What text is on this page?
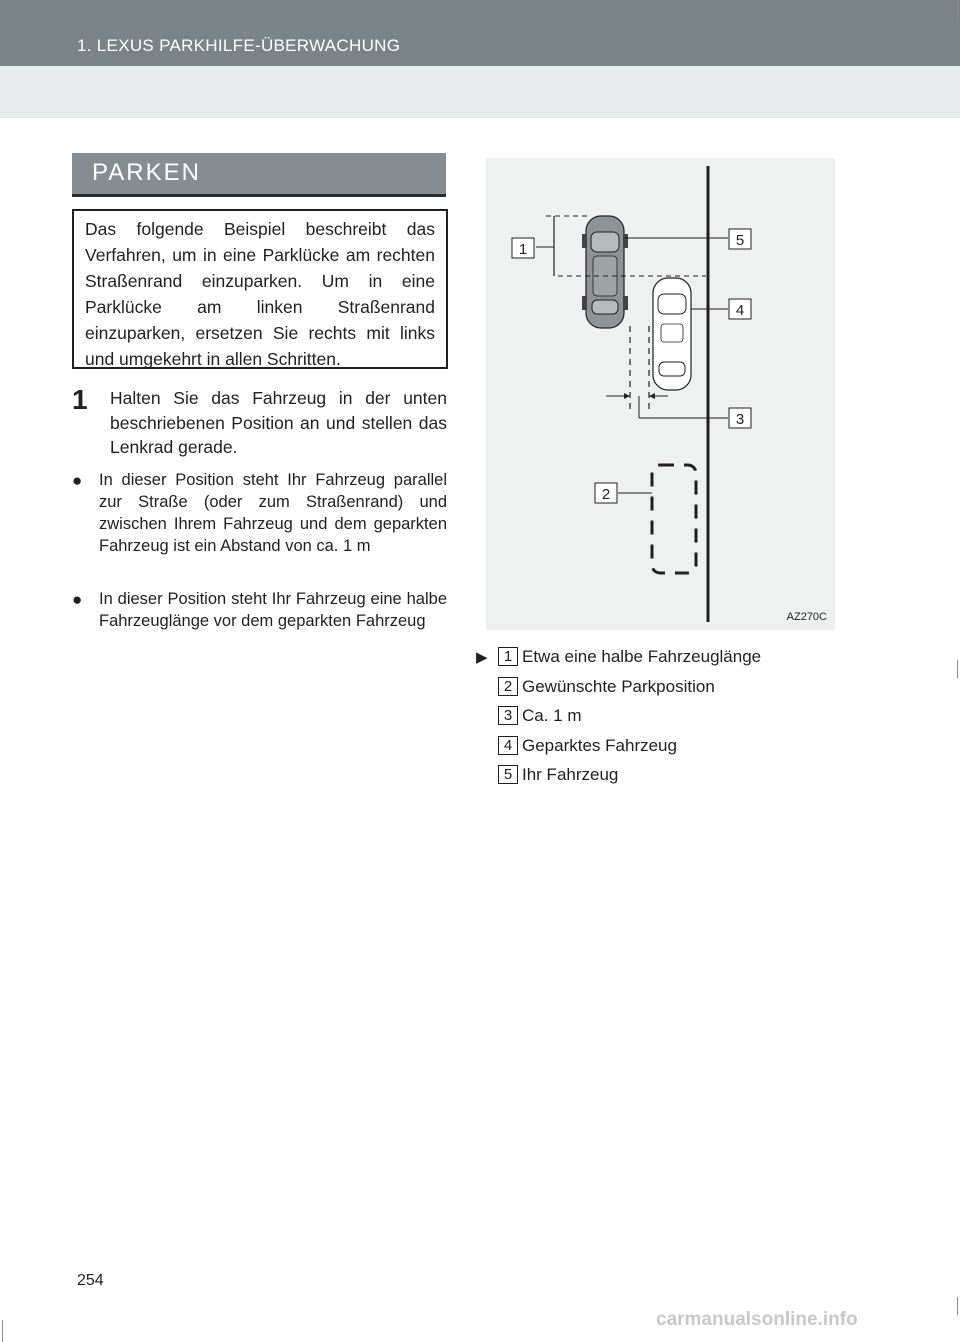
1. LEXUS PARKHILFE-ÜBERWACHUNG
PARKEN
Das folgende Beispiel beschreibt das Verfahren, um in eine Parklücke am rechten Straßenrand einzuparken. Um in eine Parklücke am linken Straßenrand einzuparken, ersetzen Sie rechts mit links und umgekehrt in allen Schritten.
1 Halten Sie das Fahrzeug in der unten beschriebenen Position an und stellen das Lenkrad gerade.
● In dieser Position steht Ihr Fahrzeug parallel zur Straße (oder zum Straßenrand) und zwischen Ihrem Fahrzeug und dem geparkten Fahrzeug ist ein Abstand von ca. 1 m
● In dieser Position steht Ihr Fahrzeug eine halbe Fahrzeuglänge vor dem geparkten Fahrzeug
1
5
4
3
2
AZ270C
▶	1 Etwa eine halbe Fahrzeuglänge
2 Gewünschte Parkposition
3 Ca. 1 m
4 Geparktes Fahrzeug
5 Ihr Fahrzeug
254
carmanualsonline.info
